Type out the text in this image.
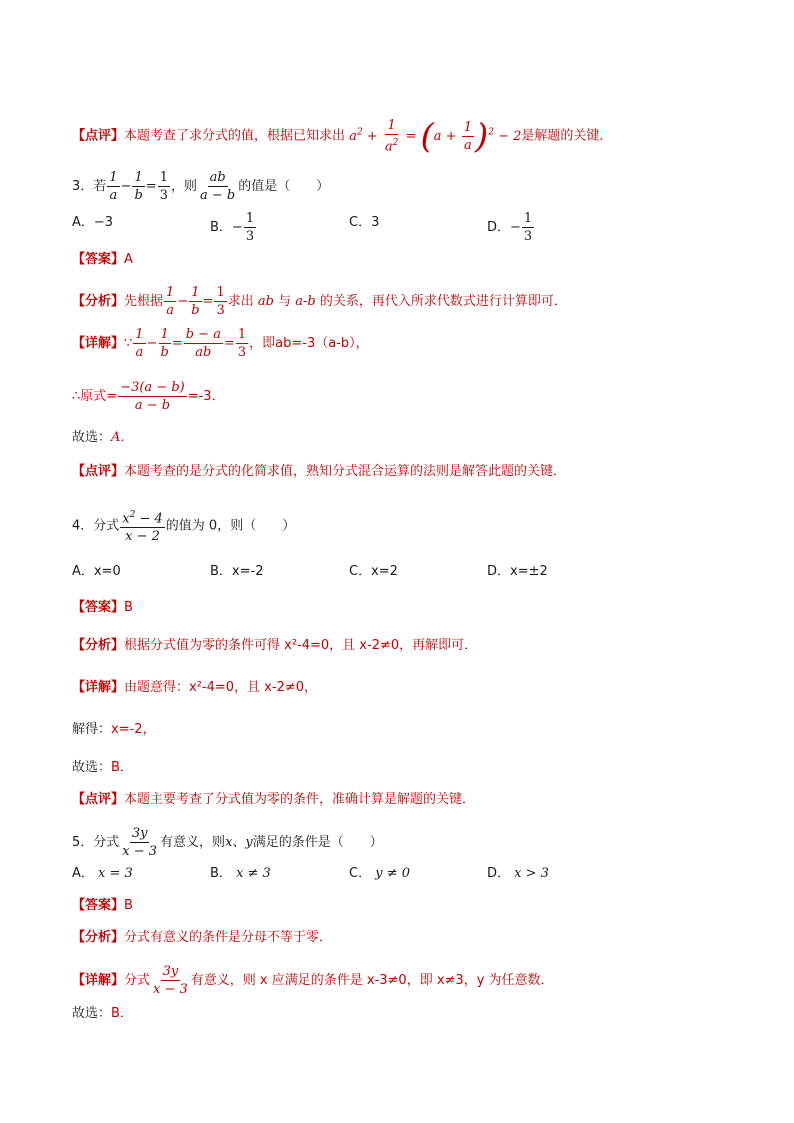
【点评】本题考查了求分式的值，根据已知求出 $a^2 + \frac{1}{a^2} = (a + \frac{1}{a} )^2 - 2$是解题的关键．
3．若 $\frac{1}{a} - \frac{1}{b} = \frac{1}{3}$ ，则 $\frac{ab}{a - b}$ 的值是（　　）
A．−3	B．− $\frac{1}{3}$	C．3	D．− $\frac{1}{3}$
【答案】A
【分析】先根据 $\frac{1}{a} - \frac{1}{b} = \frac{1}{3}$ 求出 ab 与 a-b 的关系，再代入所求代数式进行计算即可．
【详解】∵ $\frac{1}{a} - \frac{1}{b} = \frac{b - a}{ab} = \frac{1}{3}$ ，即ab=-3（a-b），
∴原式= $\frac{-3(a - b)}{a - b} =-3$．
故选：A．
【点评】本题考查的是分式的化简求值，熟知分式混合运算的法则是解答此题的关键．
4．分式 $\frac{x^2 - 4}{x - 2}$ 的值为 0，则（　　）
A．x=0	B．x=-2	C．x=2	D．x=±2
【答案】B
【分析】根据分式值为零的条件可得 x²-4=0，且 x-2≠0，再解即可．
【详解】由题意得：x²-4=0，且 x-2≠0，
解得：x=-2，
故选：B．
【点评】本题主要考查了分式值为零的条件，准确计算是解题的关键．
5．分式 $\frac{3y}{x - 3}$ 有意义，则x、y满足的条件是（　　）
A． x = 3	B． x ≠ 3	C． y ≠ 0	D． x > 3
【答案】B
【分析】分式有意义的条件是分母不等于零．
【详解】分式 $\frac{3y}{x - 3}$ 有意义，则 x 应满足的条件是 x-3≠0，即 x≠3，y 为任意数．
故选：B．
